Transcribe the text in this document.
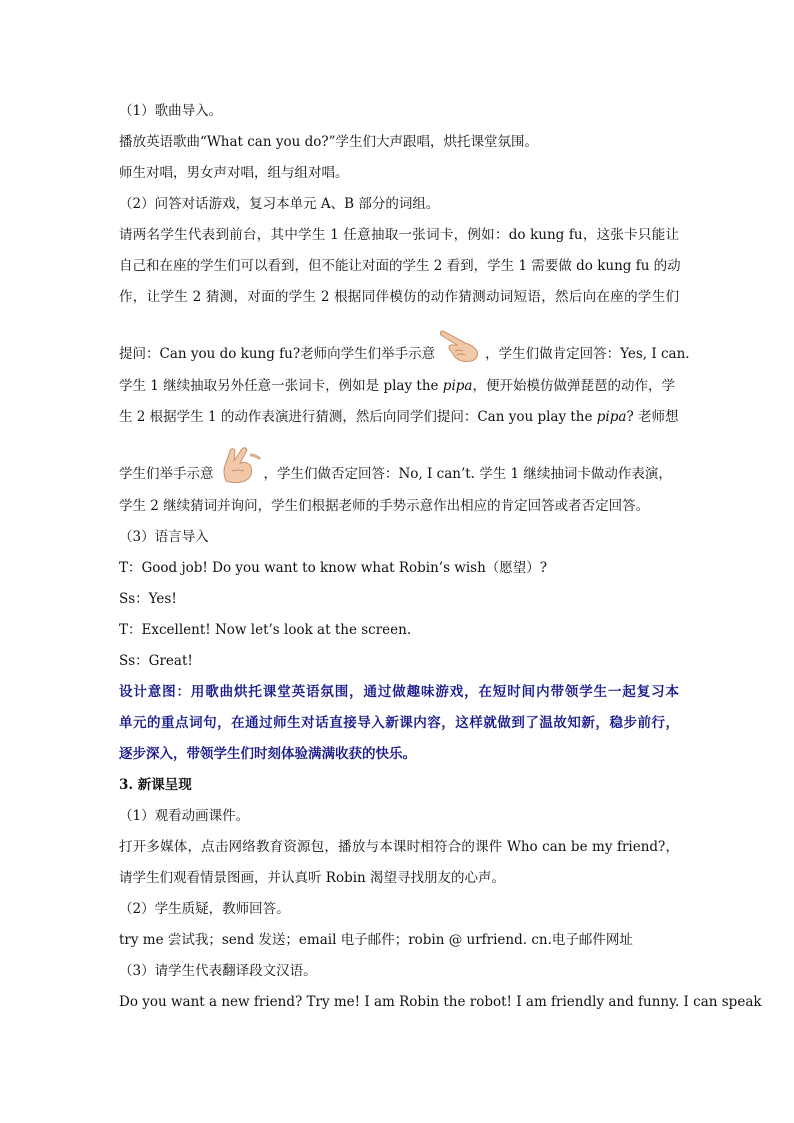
（1）歌曲导入。
播放英语歌曲“What can you do?”学生们大声跟唱，烘托课堂氛围。
师生对唱，男女声对唱，组与组对唱。
（2）问答对话游戏，复习本单元 A、B 部分的词组。
请两名学生代表到前台，其中学生 1 任意抽取一张词卡，例如：do kung fu，这张卡只能让
自己和在座的学生们可以看到，但不能让对面的学生 2 看到，学生 1 需要做 do kung fu 的动
作，让学生 2 猜测，对面的学生 2 根据同伴模仿的动作猜测动词短语，然后向在座的学生们
提问：Can you do kung fu?老师向学生们举手示意	，学生们做肯定回答：Yes, I can.
学生 1 继续抽取另外任意一张词卡，例如是 play the pipa，便开始模仿做弹琵琶的动作，学
生 2 根据学生 1 的动作表演进行猜测，然后向同学们提问：Can you play the pipa? 老师想
学生们举手示意	，学生们做否定回答：No, I can’t. 学生 1 继续抽词卡做动作表演，
学生 2 继续猜词并询问，学生们根据老师的手势示意作出相应的肯定回答或者否定回答。
（3）语言导入
T：Good job! Do you want to know what Robin’s wish（愿望）?
Ss：Yes!
T：Excellent! Now let’s look at the screen.
Ss：Great!
设计意图：用歌曲烘托课堂英语氛围，通过做趣味游戏，在短时间内带领学生一起复习本
单元的重点词句，在通过师生对话直接导入新课内容，这样就做到了温故知新，稳步前行，
逐步深入，带领学生们时刻体验满满收获的快乐。
3. 新课呈现
（1）观看动画课件。
打开多媒体，点击网络教育资源包，播放与本课时相符合的课件 Who can be my friend?，
请学生们观看情景图画，并认真听 Robin 渴望寻找朋友的心声。
（2）学生质疑，教师回答。
try me 尝试我；send 发送；email 电子邮件；robin @ urfriend. cn.电子邮件网址
（3）请学生代表翻译段文汉语。
Do you want a new friend? Try me! I am Robin the robot! I am friendly and funny. I can speak
